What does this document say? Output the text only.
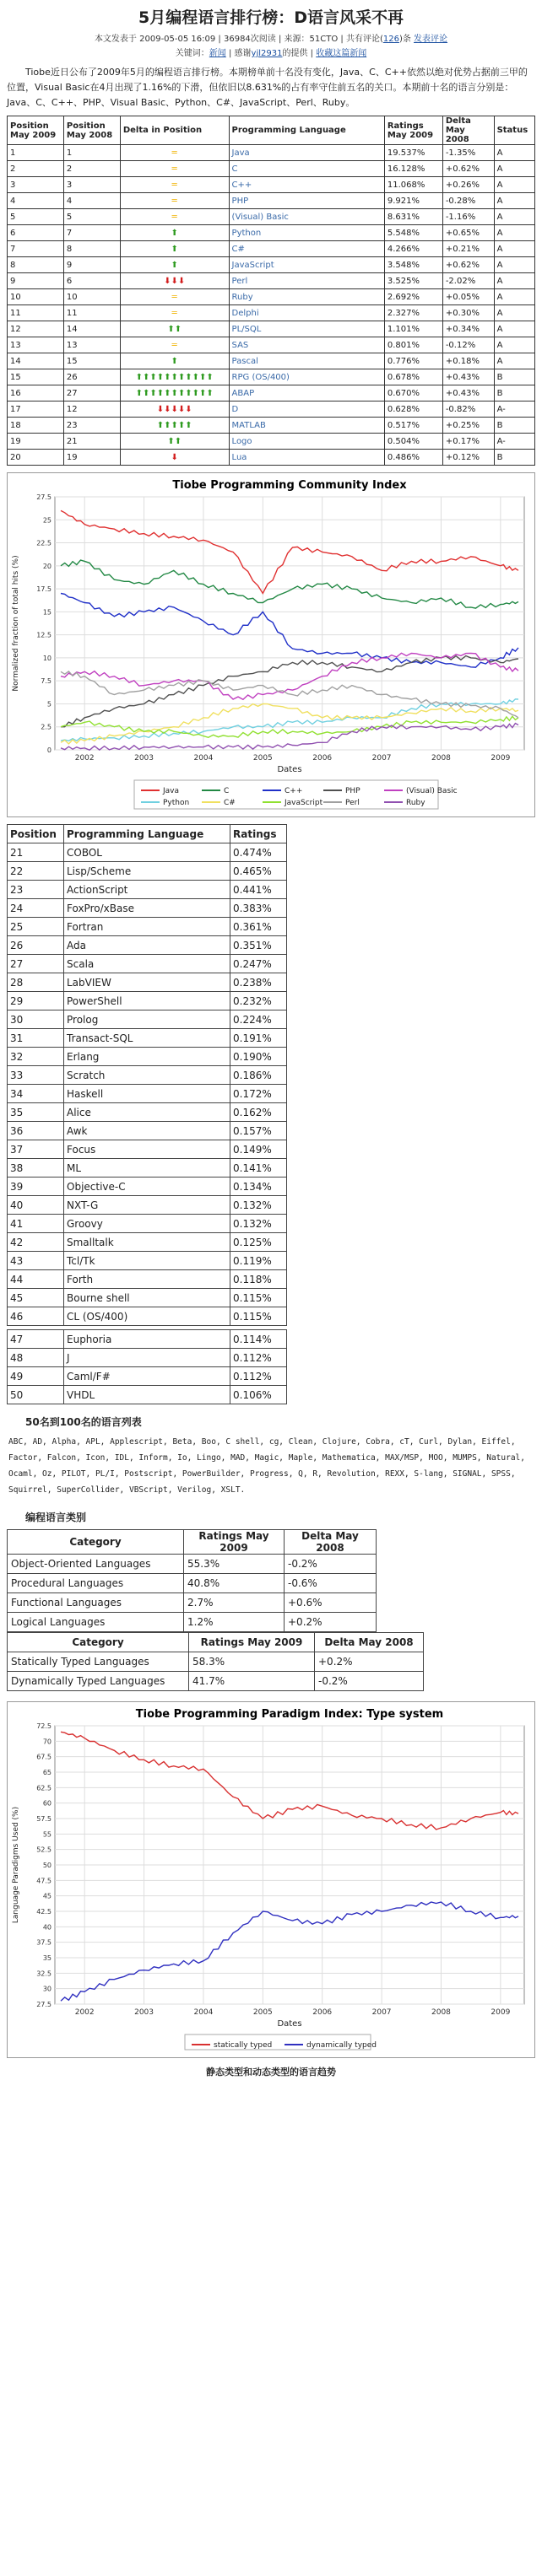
5月编程语言排行榜：D语言风采不再
本文发表于 2009-05-05 16:09 | 36984次阅读 | 来源：51CTO | 共有评论(126)条 发表评论
关键词：新闻 | 感谢yjl2931的提供 | 收藏这篇新闻

Tiobe近日公布了2009年5月的编程语言排行榜。本期榜单前十名没有变化，Java、C、C++依然以绝对优势占据前三甲的位置，Visual Basic在4月出现了1.16%的下滑，但依旧以8.631%的占有率守住前五名的关口。本期前十名的语言分别是：Java、C、C++、PHP、Visual Basic、Python、C#、JavaScript、Perl、Ruby。

Position May 2009	Position May 2008	Delta in Position	Programming Language	Ratings May 2009	Delta May 2008	Status
1	1	═	Java	19.537%	-1.35%	A
2	2	═	C	16.128%	+0.62%	A
3	3	═	C++	11.068%	+0.26%	A
4	4	═	PHP	9.921%	-0.28%	A
5	5	═	(Visual) Basic	8.631%	-1.16%	A
6	7	⬆	Python	5.548%	+0.65%	A
7	8	⬆	C#	4.266%	+0.21%	A
8	9	⬆	JavaScript	3.548%	+0.62%	A
9	6	⬇⬇⬇	Perl	3.525%	-2.02%	A
10	10	═	Ruby	2.692%	+0.05%	A
11	11	═	Delphi	2.327%	+0.30%	A
12	14	⬆⬆	PL/SQL	1.101%	+0.34%	A
13	13	═	SAS	0.801%	-0.12%	A
14	15	⬆	Pascal	0.776%	+0.18%	A
15	26	⬆⬆⬆⬆⬆⬆⬆⬆⬆⬆⬆	RPG (OS/400)	0.678%	+0.43%	B
16	27	⬆⬆⬆⬆⬆⬆⬆⬆⬆⬆⬆	ABAP	0.670%	+0.43%	B
17	12	⬇⬇⬇⬇⬇	D	0.628%	-0.82%	A-
18	23	⬆⬆⬆⬆⬆	MATLAB	0.517%	+0.25%	B
19	21	⬆⬆	Logo	0.504%	+0.17%	A-
20	19	⬇	Lua	0.486%	+0.12%	B
Tiobe Programming Community Index
0
2.5
5
7.5
10
12.5
15
17.5
20
22.5
25
27.5
2002	2003	2004	2005	2006	2007	2008	2009
Dates
Normalized fraction of total hits (%)
Java	C	C++	PHP	(Visual) Basic
Python	C#	JavaScript	Perl	Ruby
Position	Programming Language	Ratings
21	COBOL	0.474%
22	Lisp/Scheme	0.465%
23	ActionScript	0.441%
24	FoxPro/xBase	0.383%
25	Fortran	0.361%
26	Ada	0.351%
27	Scala	0.247%
28	LabVIEW	0.238%
29	PowerShell	0.232%
30	Prolog	0.224%
31	Transact-SQL	0.191%
32	Erlang	0.190%
33	Scratch	0.186%
34	Haskell	0.172%
35	Alice	0.162%
36	Awk	0.157%
37	Focus	0.149%
38	ML	0.141%
39	Objective-C	0.134%
40	NXT-G	0.132%
41	Groovy	0.132%
42	Smalltalk	0.125%
43	Tcl/Tk	0.119%
44	Forth	0.118%
45	Bourne shell	0.115%
46	CL (OS/400)	0.115%
47	Euphoria	0.114%
48	J	0.112%
49	Caml/F#	0.112%
50	VHDL	0.106%
50名到100名的语言列表
ABC, AD, Alpha, APL, Applescript, Beta, Boo, C shell, cg, Clean, Clojure, Cobra, cT, Curl, Dylan, Eiffel, Factor, Falcon, Icon, IDL, Inform, Io, Lingo, MAD, Magic, Maple, Mathematica, MAX/MSP, MOO, MUMPS, Natural, Ocaml, Oz, PILOT, PL/I, Postscript, PowerBuilder, Progress, Q, R, Revolution, REXX, S-lang, SIGNAL, SPSS, Squirrel, SuperCollider, VBScript, Verilog, XSLT.
编程语言类别
Category	Ratings May 2009	Delta May 2008
Object-Oriented Languages	55.3%	-0.2%
Procedural Languages	40.8%	-0.6%
Functional Languages	2.7%	+0.6%
Logical Languages	1.2%	+0.2%
Category	Ratings May 2009	Delta May 2008
Statically Typed Languages	58.3%	+0.2%
Dynamically Typed Languages	41.7%	-0.2%
Tiobe Programming Paradigm Index: Type system
27.5
30
32.5
35
37.5
40
42.5
45
47.5
50
52.5
55
57.5
60
62.5
65
67.5
70
72.5
2002	2003	2004	2005	2006	2007	2008	2009
Dates
Language Paradigms Used (%)
statically typed	dynamically typed
静态类型和动态类型的语言趋势
